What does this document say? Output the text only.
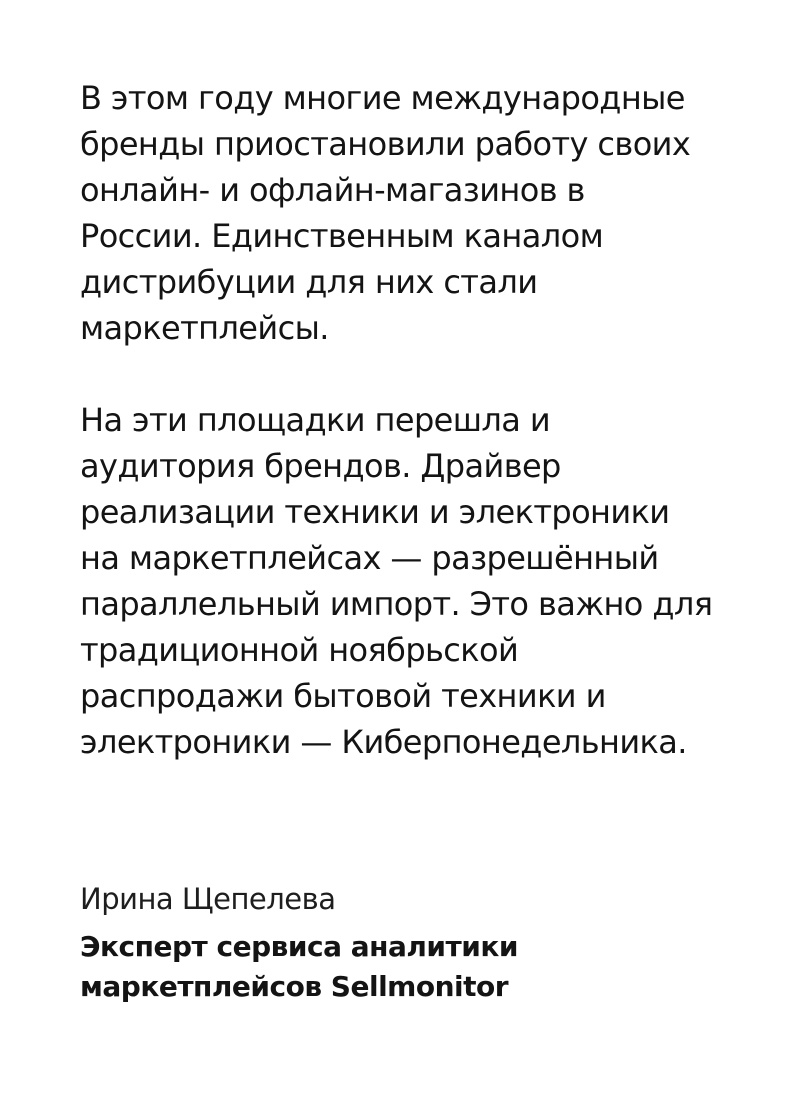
В этом году многие международные
бренды приостановили работу своих
онлайн- и офлайн-магазинов в
России. Единственным каналом
дистрибуции для них стали
маркетплейсы.

На эти площадки перешла и
аудитория брендов. Драйвер
реализации техники и электроники
на маркетплейсах — разрешённый
параллельный импорт. Это важно для
традиционной ноябрьской
распродажи бытовой техники и
электроники — Киберпонедельника.

Ирина Щепелева

Эксперт сервиса аналитики
маркетплейсов Sellmonitor
